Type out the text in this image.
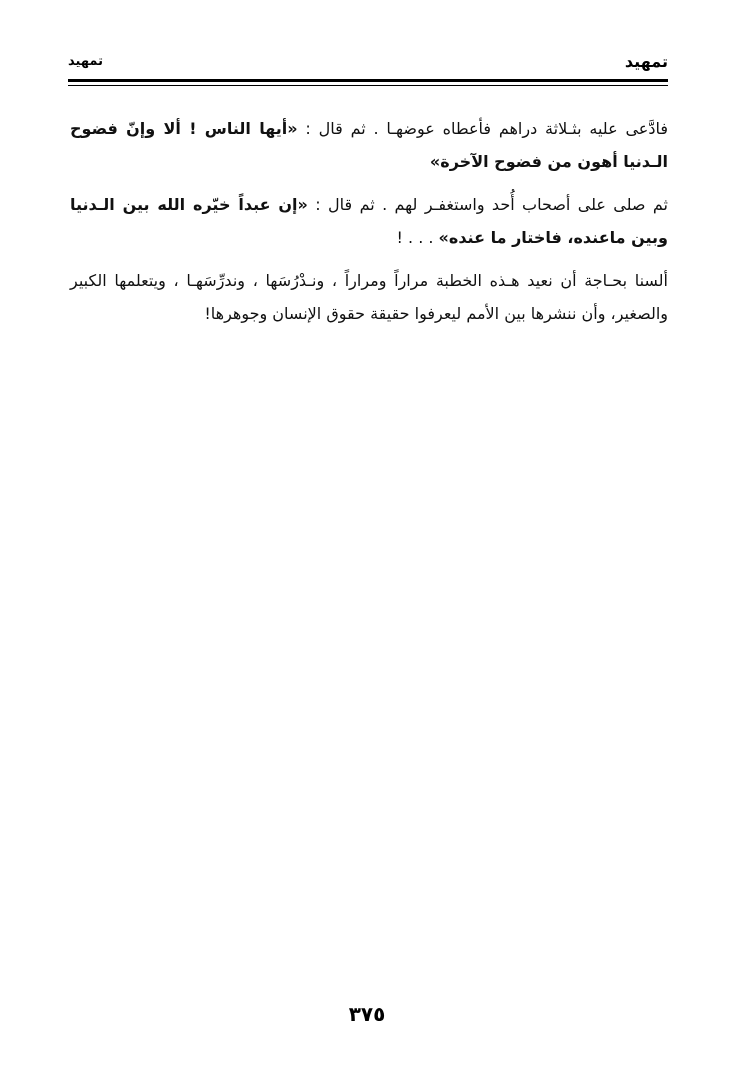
تمهيد
تمهيد

فادَّعى عليه بثـلاثة دراهم فأعطاه عوضهـا . ثم قال : «أيها الناس ! ألا وإنّ فضوح الـدنيا أهون من فضوح الآخرة»

ثم صلى على أصحاب أُحد واستغفـر لهم . ثم قال : «إن عبداً خيّره الله بين الـدنيا وبين ماعنده، فاختار ما عنده» . . . !

ألسنا بحـاجة أن نعيد هـذه الخطبة مراراً ومراراً ، ونـدْرُسَها ، وندرِّسَهـا ، ويتعلمها الكبير والصغير، وأن ننشرها بين الأمم ليعرفوا حقيقة حقوق الإنسان وجوهرها!

٣٧٥
